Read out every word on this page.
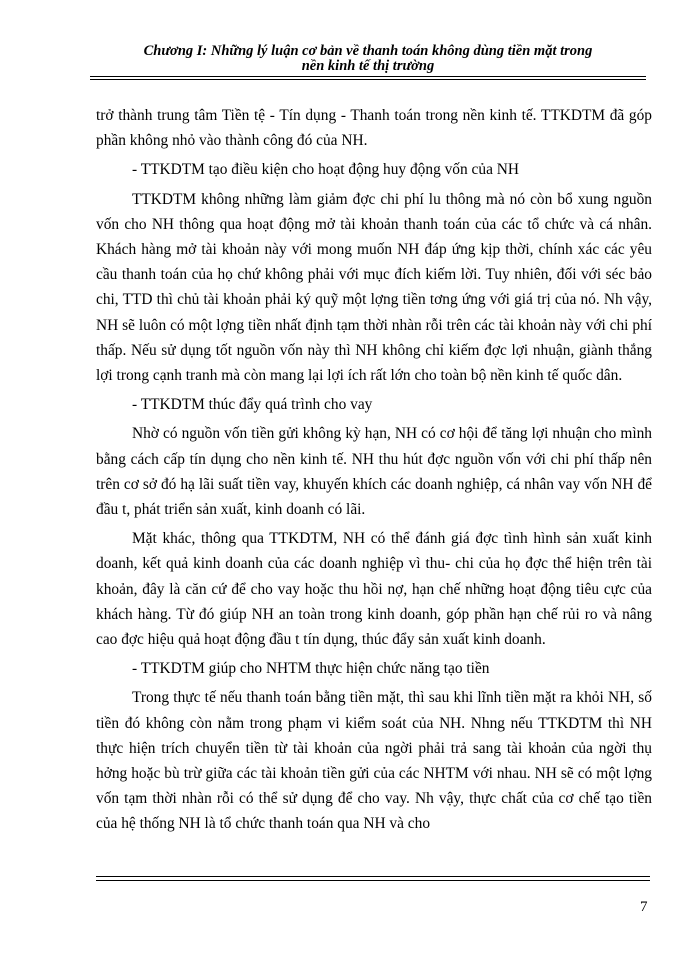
Chương I: Những lý luận cơ bản về thanh toán không dùng tiền mặt trong
nền kinh tế thị trường

trở thành trung tâm Tiền tệ - Tín dụng - Thanh toán trong nền kinh tế. TTKDTM đã góp phần không nhỏ vào thành công đó của NH.

- TTKDTM tạo điều kiện cho hoạt động huy động vốn của NH

TTKDTM không những làm giảm đợc chi phí lu thông mà nó còn bổ xung nguồn vốn cho NH thông qua hoạt động mở tài khoản thanh toán của các tổ chức và cá nhân. Khách hàng mở tài khoản này với mong muốn NH đáp ứng kịp thời, chính xác các yêu cầu thanh toán của họ chứ không phải với mục đích kiếm lời. Tuy nhiên, đối với séc bảo chi, TTD thì chủ tài khoản phải ký quỹ một lợng tiền tơng ứng với giá trị của nó. Nh vậy, NH sẽ luôn có một lợng tiền nhất định tạm thời nhàn rỗi trên các tài khoản này với chi phí thấp. Nếu sử dụng tốt nguồn vốn này thì NH không chỉ kiếm đợc lợi nhuận, giành thắng lợi trong cạnh tranh mà còn mang lại lợi ích rất lớn cho toàn bộ nền kinh tế quốc dân.

- TTKDTM thúc đẩy quá trình cho vay

Nhờ có nguồn vốn tiền gửi không kỳ hạn, NH có cơ hội để tăng lợi nhuận cho mình bằng cách cấp tín dụng cho nền kinh tế. NH thu hút đợc nguồn vốn với chi phí thấp nên trên cơ sở đó hạ lãi suất tiền vay, khuyến khích các doanh nghiệp, cá nhân vay vốn NH để đầu t, phát triển sản xuất, kinh doanh có lãi.

Mặt khác, thông qua TTKDTM, NH có thể đánh giá đợc tình hình sản xuất kinh doanh, kết quả kinh doanh của các doanh nghiệp vì thu- chi của họ đợc thể hiện trên tài khoản, đây là căn cứ để cho vay hoặc thu hồi nợ, hạn chế những hoạt động tiêu cực của khách hàng. Từ đó giúp NH an toàn trong kinh doanh, góp phần hạn chế rủi ro và nâng cao đợc hiệu quả hoạt động đầu t tín dụng, thúc đẩy sản xuất kinh doanh.

- TTKDTM giúp cho NHTM thực hiện chức năng tạo tiền

Trong thực tế nếu thanh toán bằng tiền mặt, thì sau khi lĩnh tiền mặt ra khỏi NH, số tiền đó không còn nằm trong phạm vi kiểm soát của NH. Nhng nếu TTKDTM thì NH thực hiện trích chuyển tiền từ tài khoản của ngời phải trả sang tài khoản của ngời thụ hởng hoặc bù trừ giữa các tài khoản tiền gửi của các NHTM với nhau. NH sẽ có một lợng vốn tạm thời nhàn rỗi có thể sử dụng để cho vay. Nh vậy, thực chất của cơ chế tạo tiền của hệ thống NH là tổ chức thanh toán qua NH và cho

7
